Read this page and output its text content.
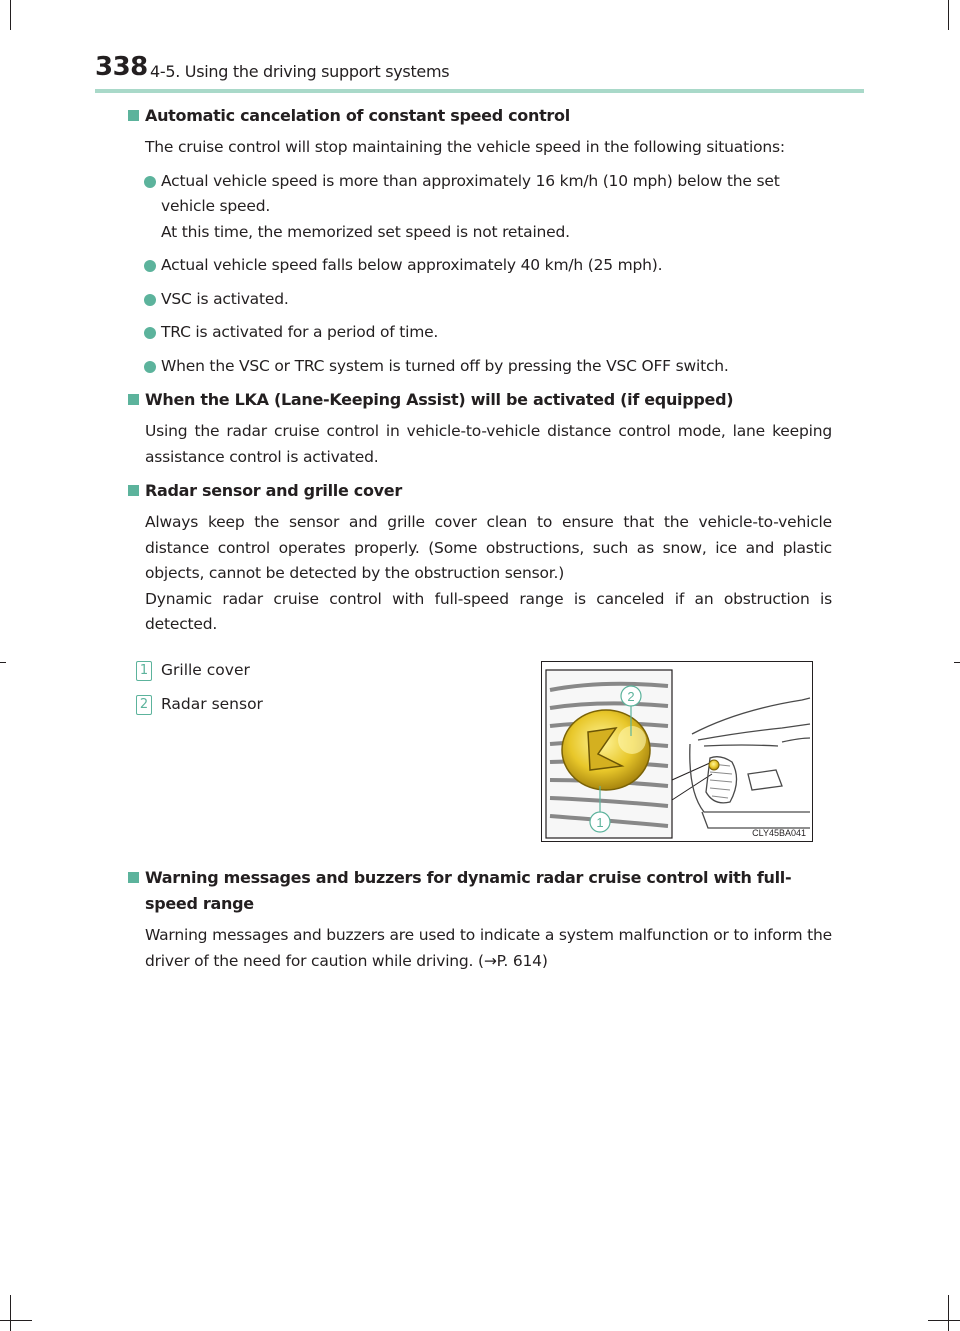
338 4-5. Using the driving support systems
Automatic cancelation of constant speed control
The cruise control will stop maintaining the vehicle speed in the following situations:
Actual vehicle speed is more than approximately 16 km/h (10 mph) below the set vehicle speed.
At this time, the memorized set speed is not retained.
Actual vehicle speed falls below approximately 40 km/h (25 mph).
VSC is activated.
TRC is activated for a period of time.
When the VSC or TRC system is turned off by pressing the VSC OFF switch.
When the LKA (Lane-Keeping Assist) will be activated (if equipped)
Using the radar cruise control in vehicle-to-vehicle distance control mode, lane keeping assistance control is activated.
Radar sensor and grille cover
Always keep the sensor and grille cover clean to ensure that the vehicle-to-vehicle distance control operates properly. (Some obstructions, such as snow, ice and plastic objects, cannot be detected by the obstruction sensor.)
Dynamic radar cruise control with full-speed range is canceled if an obstruction is detected.
1 Grille cover
2 Radar sensor	2
1
CLY45BA041
Warning messages and buzzers for dynamic radar cruise control with full-speed range
Warning messages and buzzers are used to indicate a system malfunction or to inform the driver of the need for caution while driving. (→P. 614)
